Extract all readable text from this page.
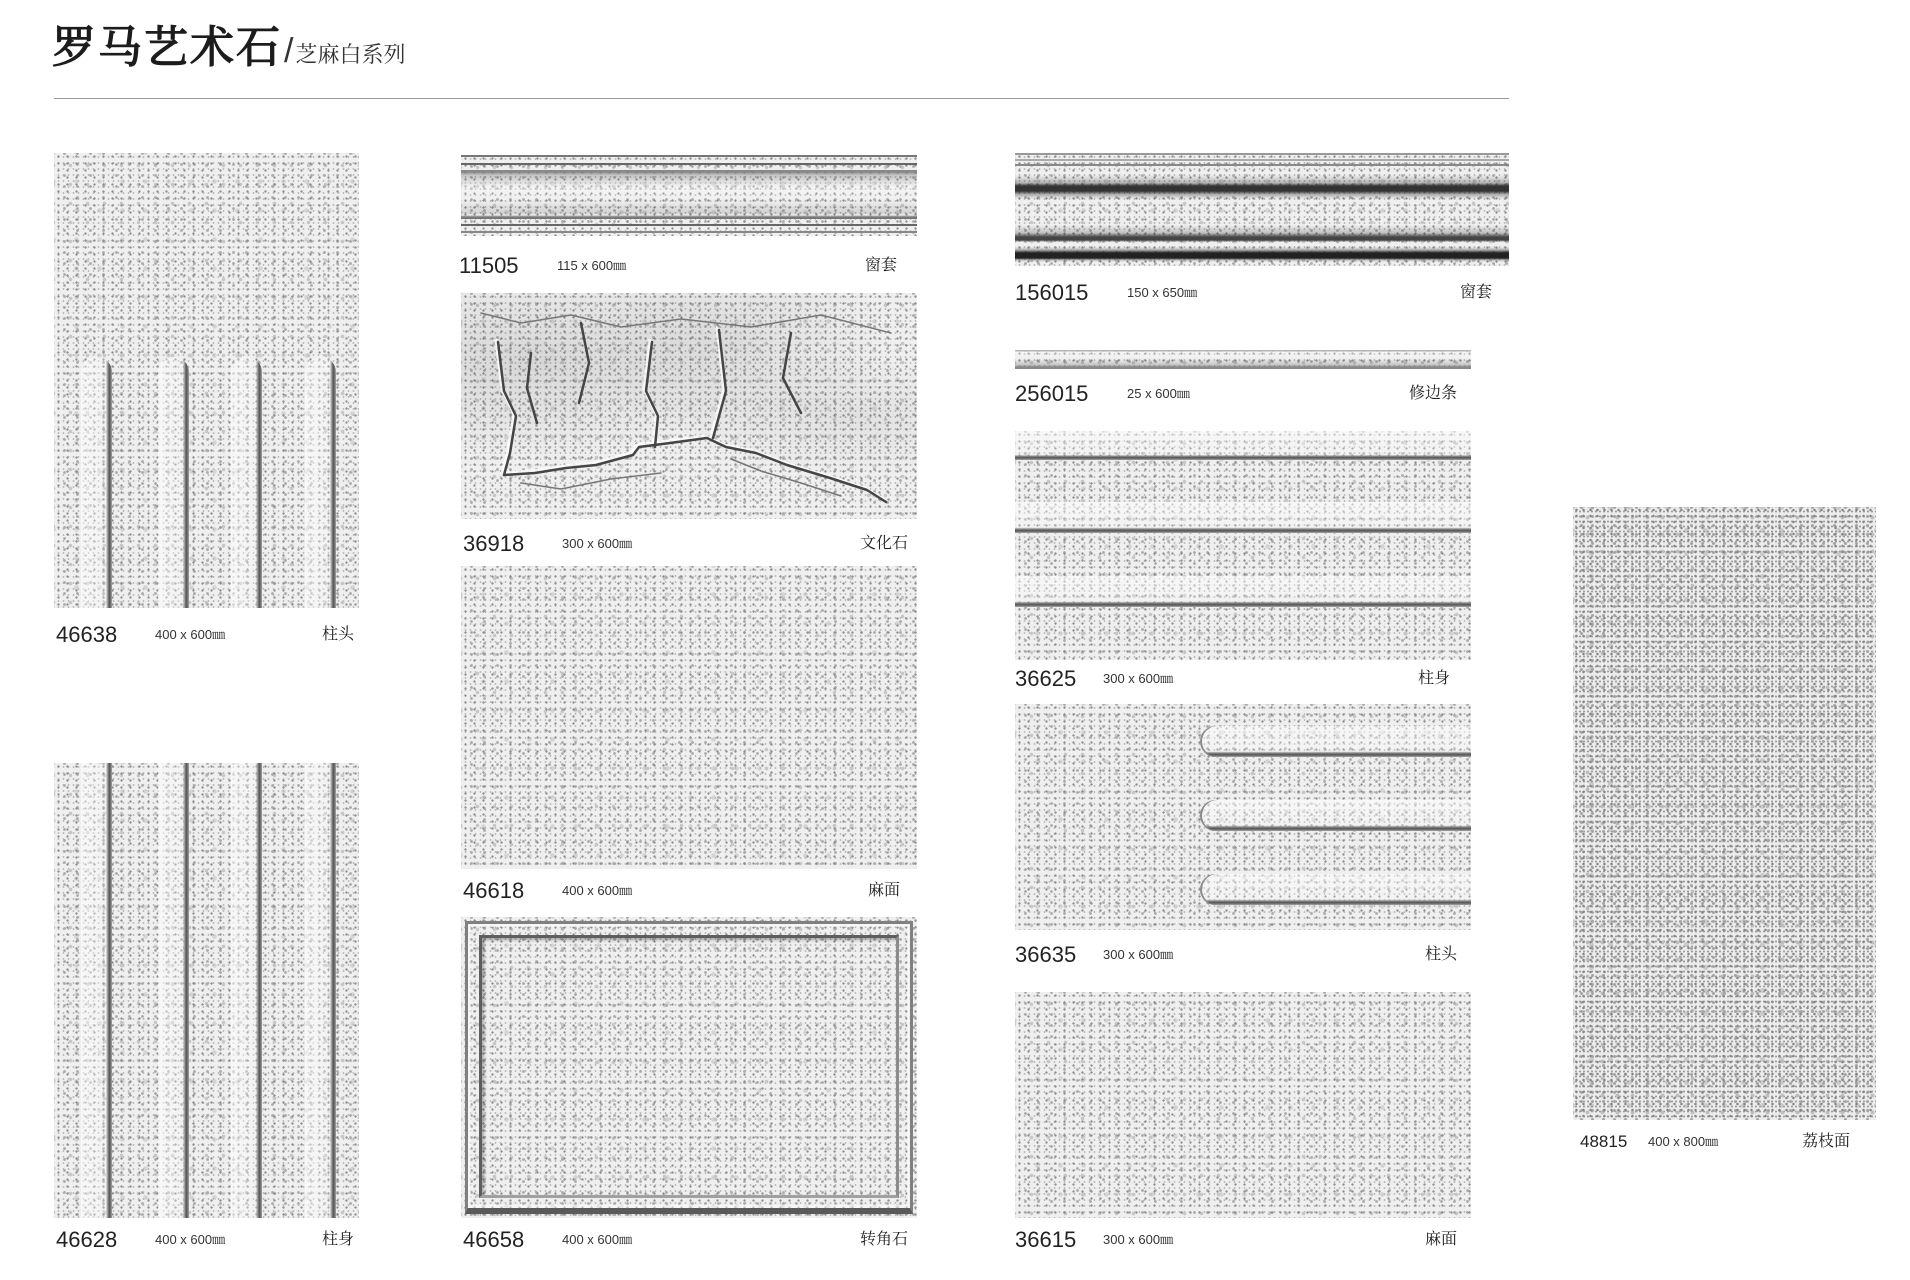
罗马艺术石/芝麻白系列
46638	400 x 600㎜	柱头
46628	400 x 600㎜	柱身
11505	115 x 600㎜	窗套
36918	300 x 600㎜	文化石
46618	400 x 600㎜	麻面
46658	400 x 600㎜	转角石
156015	150 x 650㎜	窗套
256015	25 x 600㎜	修边条
36625 300 x 600㎜	柱身
36635 300 x 600㎜	柱头
36615 300 x 600㎜	麻面
48815 400 x 800㎜	荔枝面
